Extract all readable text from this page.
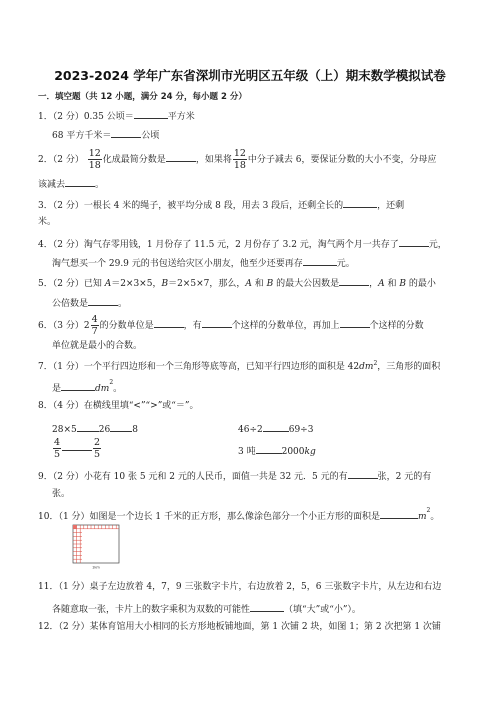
2023-2024 学年广东省深圳市光明区五年级（上）期末数学模拟试卷
一．填空题（共 12 小题，满分 24 分，每小题 2 分）
1．（2 分）0.35 公顷＝	平方米
68 平方千米＝	公顷
2．（2 分） $\frac{12}{18}$ 化成最简分数是	，如果将 $\frac{12}{18}$ 中分子减去 6，要保证分数的大小不变，分母应
该减去	。
3．（2 分）一根长 4 米的绳子，被平均分成 8 段，用去 3 段后，还剩全长的	，还剩
米。
4．（2 分）淘气存零用钱，1 月份存了 11.5 元，2 月份存了 3.2 元，淘气两个月一共存了	元，
淘气想买一个 29.9 元的书包送给灾区小朋友，他至少还要再存	元。
5．（2 分）已知 A＝2×3×5，B＝2×5×7，那么，A 和 B 的最大公因数是	，A 和 B 的最小
公倍数是	。
6．（3 分）$2 \frac{4}{7}$ 的分数单位是	，有	个这样的分数单位，再加上	个这样的分数
单位就是最小的合数。
7．（1 分）一个平行四边形和一个三角形等底等高，已知平行四边形的面积是 $42dm^2$，三角形的面积
是	$dm^2$。
8．（4 分）在横线里填“<”“>”或“＝”。
28×5 26 8	46÷2	69÷3
$\frac{4}{5}$	$\frac{2}{5}$	3 吨	2000kg
9．（2 分）小花有 10 张 5 元和 2 元的人民币，面值一共是 32 元．5 元的有	张，2 元的有
张。
10．（1 分）如图是一个边长 1 千米的正方形，那么像涂色部分一个小正方形的面积是	$m^2$。
1km
11．（1 分）桌子左边放着 4，7，9 三张数字卡片，右边放着 2，5，6 三张数字卡片，从左边和右边
各随意取一张，卡片上的数字乘积为双数的可能性	（填“大”或“小”）。
12．（2 分）某体育馆用大小相同的长方形地板铺地面，第 1 次铺 2 块，如图 1；第 2 次把第 1 次铺
